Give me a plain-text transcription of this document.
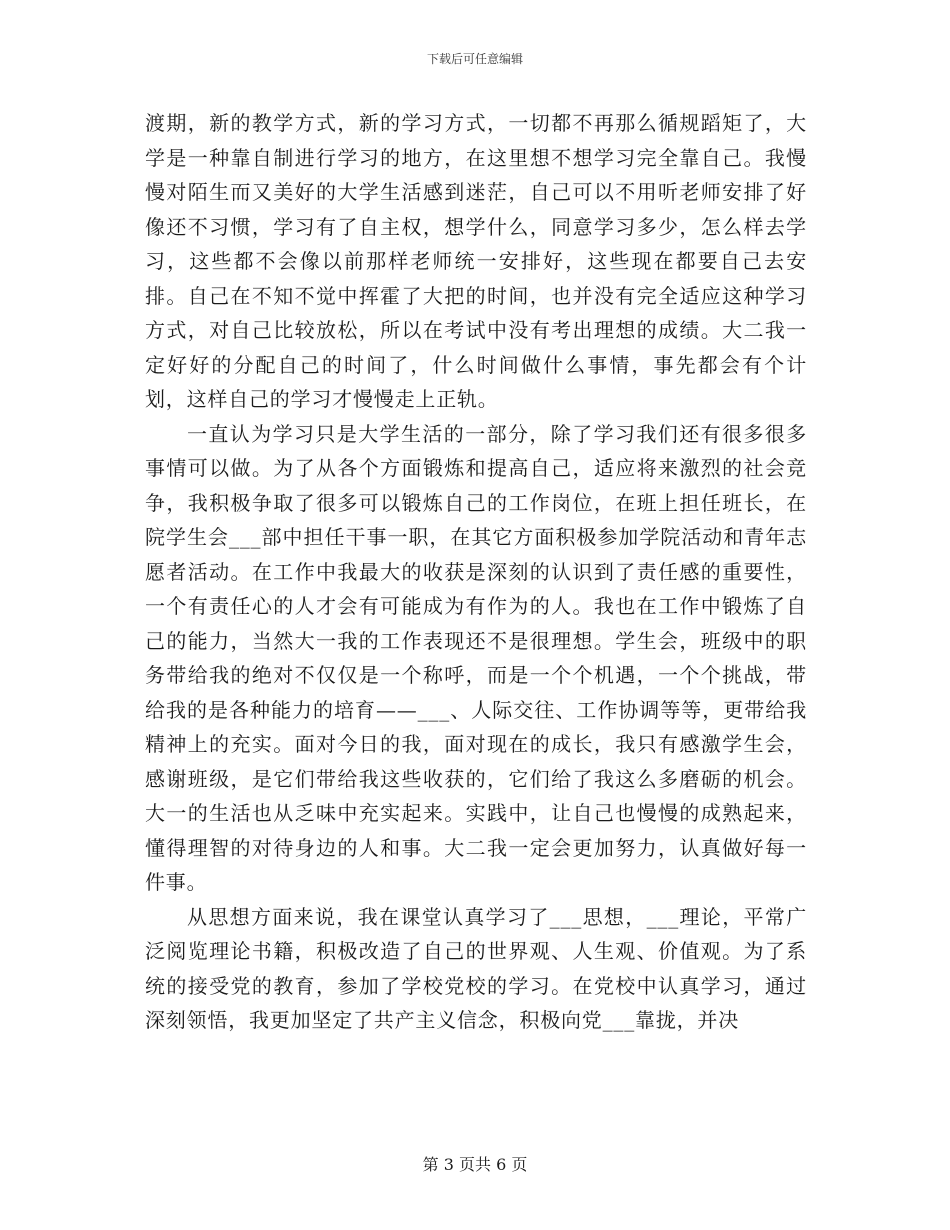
下载后可任意编辑

渡期，新的教学方式，新的学习方式，一切都不再那么循规蹈矩了，大学是一种靠自制进行学习的地方，在这里想不想学习完全靠自己。我慢慢对陌生而又美好的大学生活感到迷茫，自己可以不用听老师安排了好像还不习惯，学习有了自主权，想学什么，同意学习多少，怎么样去学习，这些都不会像以前那样老师统一安排好，这些现在都要自己去安排。自己在不知不觉中挥霍了大把的时间，也并没有完全适应这种学习方式，对自己比较放松，所以在考试中没有考出理想的成绩。大二我一定好好的分配自己的时间了，什么时间做什么事情，事先都会有个计划，这样自己的学习才慢慢走上正轨。

一直认为学习只是大学生活的一部分，除了学习我们还有很多很多事情可以做。为了从各个方面锻炼和提高自己，适应将来激烈的社会竞争，我积极争取了很多可以锻炼自己的工作岗位，在班上担任班长，在院学生会___部中担任干事一职，在其它方面积极参加学院活动和青年志愿者活动。在工作中我最大的收获是深刻的认识到了责任感的重要性，一个有责任心的人才会有可能成为有作为的人。我也在工作中锻炼了自己的能力，当然大一我的工作表现还不是很理想。学生会，班级中的职务带给我的绝对不仅仅是一个称呼，而是一个个机遇，一个个挑战，带给我的是各种能力的培育——___、人际交往、工作协调等等，更带给我精神上的充实。面对今日的我，面对现在的成长，我只有感激学生会，感谢班级，是它们带给我这些收获的，它们给了我这么多磨砺的机会。大一的生活也从乏味中充实起来。实践中，让自己也慢慢的成熟起来，懂得理智的对待身边的人和事。大二我一定会更加努力，认真做好每一件事。

从思想方面来说，我在课堂认真学习了___思想，___理论，平常广泛阅览理论书籍，积极改造了自己的世界观、人生观、价值观。为了系统的接受党的教育，参加了学校党校的学习。在党校中认真学习，通过深刻领悟，我更加坚定了共产主义信念，积极向党___靠拢，并决

第 3 页共 6 页
